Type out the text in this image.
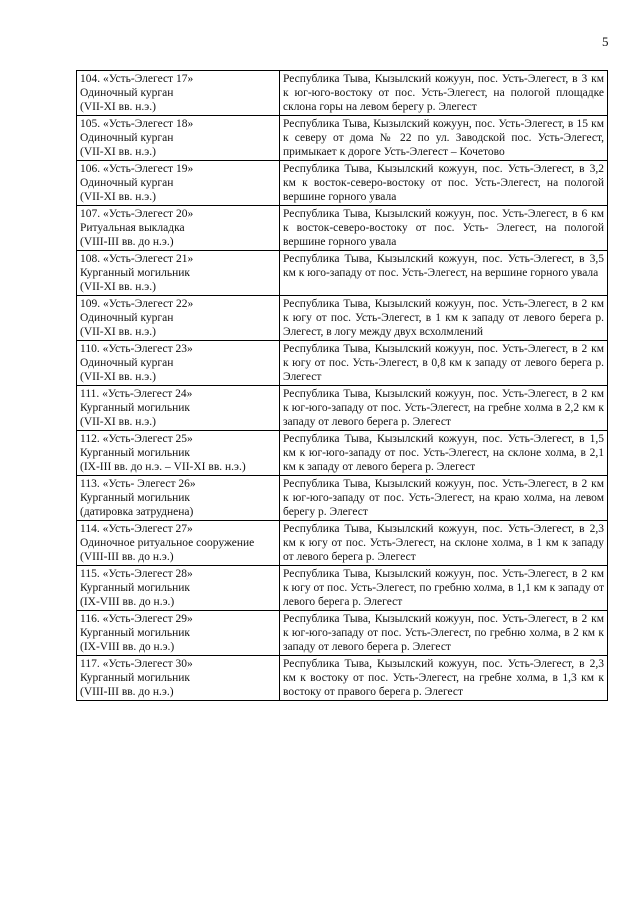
5
104. «Усть-Элегест 17»
Одиночный курган
(VII-XI вв. н.э.)	Республика Тыва, Кызылский кожуун, пос. Усть-Элегест, в 3 км к юг-юго-востоку от пос. Усть-Элегест, на пологой площадке склона горы на левом берегу р. Элегест

105. «Усть-Элегест 18»
Одиночный курган
(VII-XI вв. н.э.)	Республика Тыва, Кызылский кожуун, пос. Усть-Элегест, в 15 км к северу от дома № 22 по ул. Заводской пос. Усть-Элегест, примыкает к дороге Усть-Элегест – Кочетово

106. «Усть-Элегест 19»
Одиночный курган
(VII-XI вв. н.э.)	Республика Тыва, Кызылский кожуун, пос. Усть-Элегест, в 3,2 км к восток-северо-востоку от пос. Усть-Элегест, на пологой вершине горного увала

107. «Усть-Элегест 20»
Ритуальная выкладка
(VIII-III вв. до н.э.)	Республика Тыва, Кызылский кожуун, пос. Усть-Элегест, в 6 км к восток-северо-востоку от пос. Усть- Элегест, на пологой вершине горного увала

108. «Усть-Элегест 21»
Курганный могильник
(VII-XI вв. н.э.)	Республика Тыва, Кызылский кожуун, пос. Усть-Элегест, в 3,5 км к юго-западу от пос. Усть-Элегест, на вершине горного увала

109. «Усть-Элегест 22»
Одиночный курган
(VII-XI вв. н.э.)	Республика Тыва, Кызылский кожуун, пос. Усть-Элегест, в 2 км к югу от пос. Усть-Элегест, в 1 км к западу от левого берега р. Элегест, в логу между двух всхолмлений

110. «Усть-Элегест 23»
Одиночный курган
(VII-XI вв. н.э.)	Республика Тыва, Кызылский кожуун, пос. Усть-Элегест, в 2 км к югу от пос. Усть-Элегест, в 0,8 км к западу от левого берега р. Элегест

111. «Усть-Элегест 24»
Курганный могильник
(VII-XI вв. н.э.)	Республика Тыва, Кызылский кожуун, пос. Усть-Элегест, в 2 км к юг-юго-западу от пос. Усть-Элегест, на гребне холма в 2,2 км к западу от левого берега р. Элегест

112. «Усть-Элегест 25»
Курганный могильник
(IX-III вв. до н.э. – VII-XI вв. н.э.)	Республика Тыва, Кызылский кожуун, пос. Усть-Элегест, в 1,5 км к юг-юго-западу от пос. Усть-Элегест, на склоне холма, в 2,1 км к западу от левого берега р. Элегест

113. «Усть- Элегест 26»
Курганный могильник
(датировка затруднена)	Республика Тыва, Кызылский кожуун, пос. Усть-Элегест, в 2 км к юг-юго-западу от пос. Усть-Элегест, на краю холма, на левом берегу р. Элегест

114. «Усть-Элегест 27»
Одиночное ритуальное сооружение
(VIII-III вв. до н.э.)	Республика Тыва, Кызылский кожуун, пос. Усть-Элегест, в 2,3 км к югу от пос. Усть-Элегест, на склоне холма, в 1 км к западу от левого берега р. Элегест

115. «Усть-Элегест 28»
Курганный могильник
(IX-VIII вв. до н.э.)	Республика Тыва, Кызылский кожуун, пос. Усть-Элегест, в 2 км к югу от пос. Усть-Элегест, по гребню холма, в 1,1 км к западу от левого берега р. Элегест

116. «Усть-Элегест 29»
Курганный могильник
(IX-VIII вв. до н.э.)	Республика Тыва, Кызылский кожуун, пос. Усть-Элегест, в 2 км к юг-юго-западу от пос. Усть-Элегест, по гребню холма, в 2 км к западу от левого берега р. Элегест

117. «Усть-Элегест 30»
Курганный могильник
(VIII-III вв. до н.э.)	Республика Тыва, Кызылский кожуун, пос. Усть-Элегест, в 2,3 км к востоку от пос. Усть-Элегест, на гребне холма, в 1,3 км к востоку от правого берега р. Элегест
